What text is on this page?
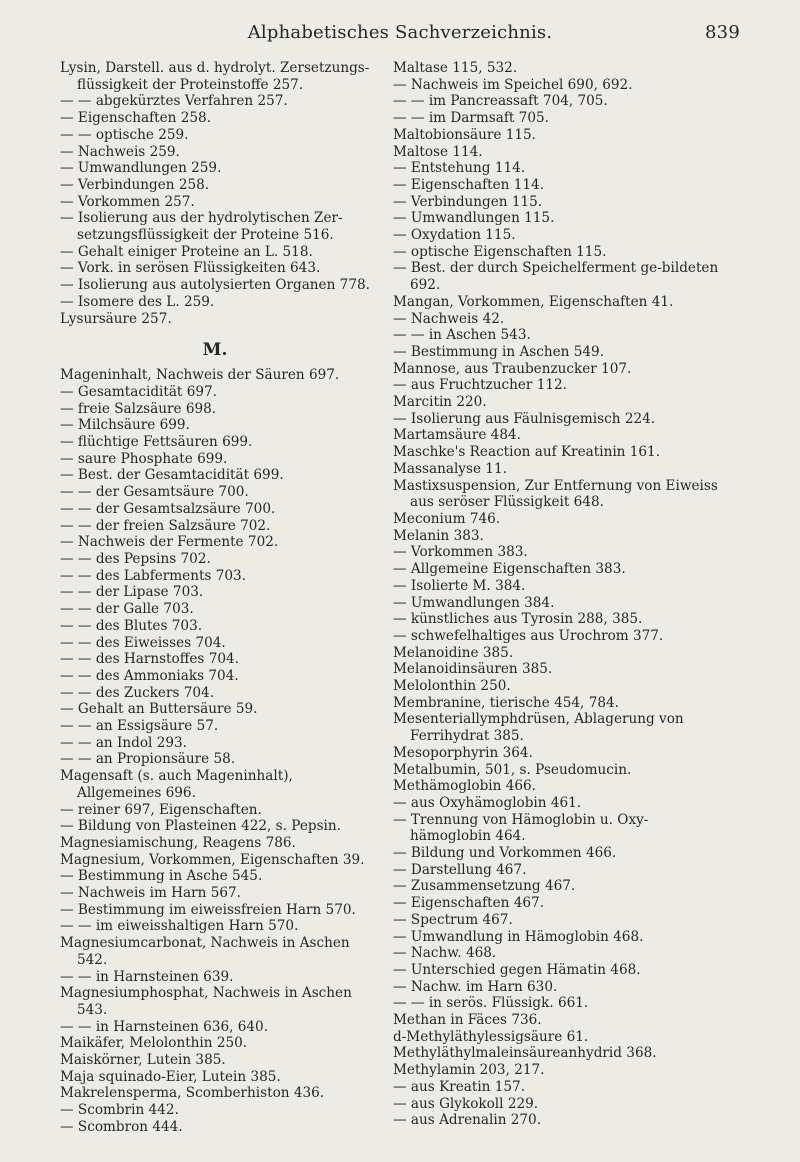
Alphabetisches Sachverzeichnis.	839

Lysin, Darstell. aus d. hydrolyt. Zersetzungs-flüssigkeit der Proteinstoffe 257.

— — abgekürztes Verfahren 257.

— Eigenschaften 258.

— — optische 259.

— Nachweis 259.

— Umwandlungen 259.

— Verbindungen 258.

— Vorkommen 257.

— Isolierung aus der hydrolytischen Zer-setzungsflüssigkeit der Proteine 516.

— Gehalt einiger Proteine an L. 518.

— Vork. in serösen Flüssigkeiten 643.

— Isolierung aus autolysierten Organen 778.

— Isomere des L. 259.

Lysursäure 257.

M.

Mageninhalt, Nachweis der Säuren 697.

— Gesamtacidität 697.

— freie Salzsäure 698.

— Milchsäure 699.

— flüchtige Fettsäuren 699.

— saure Phosphate 699.

— Best. der Gesamtacidität 699.

— — der Gesamtsäure 700.

— — der Gesamtsalzsäure 700.

— — der freien Salzsäure 702.

— Nachweis der Fermente 702.

— — des Pepsins 702.

— — des Labferments 703.

— — der Lipase 703.

— — der Galle 703.

— — des Blutes 703.

— — des Eiweisses 704.

— — des Harnstoffes 704.

— — des Ammoniaks 704.

— — des Zuckers 704.

— Gehalt an Buttersäure 59.

— — an Essigsäure 57.

— — an Indol 293.

— — an Propionsäure 58.

Magensaft (s. auch Mageninhalt), Allgemeines 696.

— reiner 697, Eigenschaften.

— Bildung von Plasteinen 422, s. Pepsin.

Magnesiamischung, Reagens 786.

Magnesium, Vorkommen, Eigenschaften 39.

— Bestimmung in Asche 545.

— Nachweis im Harn 567.

— Bestimmung im eiweissfreien Harn 570.

— — im eiweisshaltigen Harn 570.

Magnesiumcarbonat, Nachweis in Aschen 542.

— — in Harnsteinen 639.

Magnesiumphosphat, Nachweis in Aschen 543.

— — in Harnsteinen 636, 640.

Maikäfer, Melolonthin 250.

Maiskörner, Lutein 385.

Maja squinado-Eier, Lutein 385.

Makrelensperma, Scomberhiston 436.

— Scombrin 442.

— Scombron 444.

Maltase 115, 532.

— Nachweis im Speichel 690, 692.

— — im Pancreassaft 704, 705.

— — im Darmsaft 705.

Maltobionsäure 115.

Maltose 114.

— Entstehung 114.

— Eigenschaften 114.

— Verbindungen 115.

— Umwandlungen 115.

— Oxydation 115.

— optische Eigenschaften 115.

— Best. der durch Speichelferment ge-bildeten 692.

Mangan, Vorkommen, Eigenschaften 41.

— Nachweis 42.

— — in Aschen 543.

— Bestimmung in Aschen 549.

Mannose, aus Traubenzucker 107.

— aus Fruchtzucher 112.

Marcitin 220.

— Isolierung aus Fäulnisgemisch 224.

Martamsäure 484.

Maschke's Reaction auf Kreatinin 161.

Massanalyse 11.

Mastixsuspension, Zur Entfernung von Eiweiss aus seröser Flüssigkeit 648.

Meconium 746.

Melanin 383.

— Vorkommen 383.

— Allgemeine Eigenschaften 383.

— Isolierte M. 384.

— Umwandlungen 384.

— künstliches aus Tyrosin 288, 385.

— schwefelhaltiges aus Urochrom 377.

Melanoidine 385.

Melanoidinsäuren 385.

Melolonthin 250.

Membranine, tierische 454, 784.

Mesenteriallymphdrüsen, Ablagerung von Ferrihydrat 385.

Mesoporphyrin 364.

Metalbumin, 501, s. Pseudomucin.

Methämoglobin 466.

— aus Oxyhämoglobin 461.

— Trennung von Hämoglobin u. Oxy-hämoglobin 464.

— Bildung und Vorkommen 466.

— Darstellung 467.

— Zusammensetzung 467.

— Eigenschaften 467.

— Spectrum 467.

— Umwandlung in Hämoglobin 468.

— Nachw. 468.

— Unterschied gegen Hämatin 468.

— Nachw. im Harn 630.

— — in serös. Flüssigk. 661.

Methan in Fäces 736.

d-Methyläthylessigsäure 61.

Methyläthylmaleinsäureanhydrid 368.

Methylamin 203, 217.

— aus Kreatin 157.

— aus Glykokoll 229.

— aus Adrenalin 270.
